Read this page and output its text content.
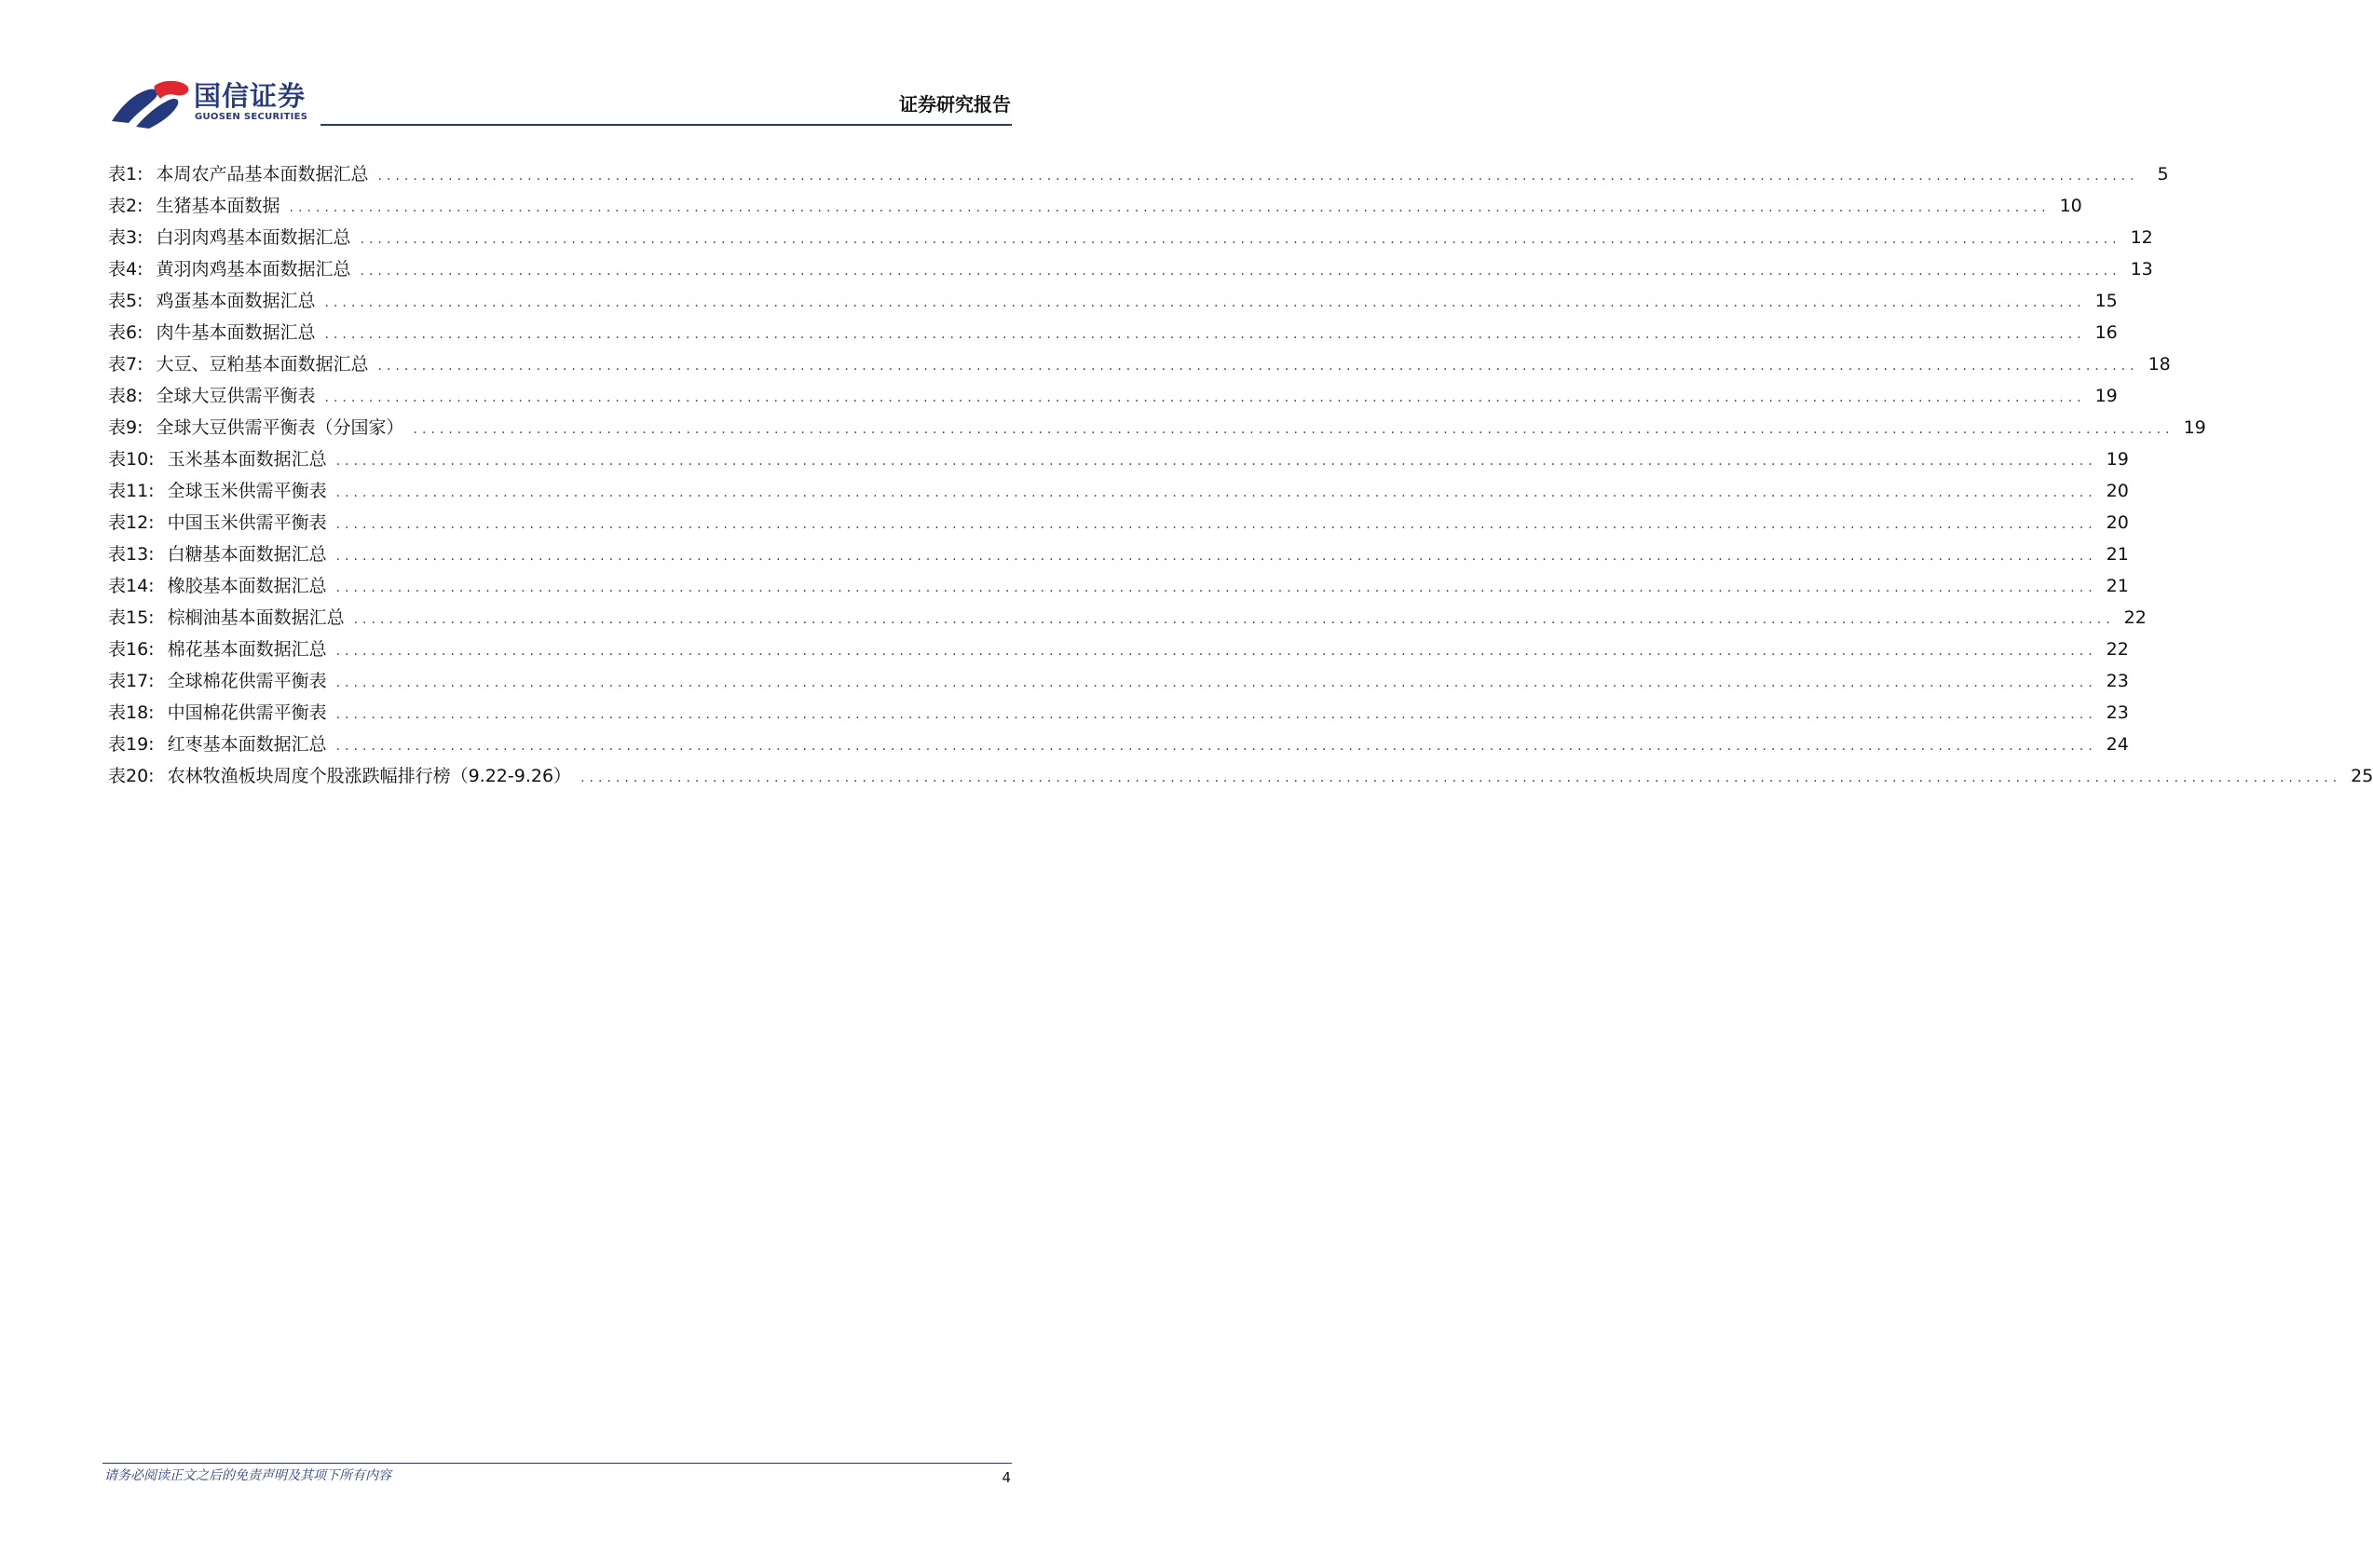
国信证券
GUOSEN SECURITIES
证券研究报告
表1: 本周农产品基本面数据汇总 ........................................................................................................................................................................................................	5
表2: 生猪基本面数据 ........................................................................................................................................................................................................ 10
表3: 白羽肉鸡基本面数据汇总 ........................................................................................................................................................................................................ 12
表4: 黄羽肉鸡基本面数据汇总 ........................................................................................................................................................................................................ 13
表5: 鸡蛋基本面数据汇总 ........................................................................................................................................................................................................ 15
表6: 肉牛基本面数据汇总 ........................................................................................................................................................................................................ 16
表7: 大豆、豆粕基本面数据汇总 ........................................................................................................................................................................................................ 18
表8: 全球大豆供需平衡表 ........................................................................................................................................................................................................ 19
表9: 全球大豆供需平衡表（分国家） ........................................................................................................................................................................................................ 19
表10: 玉米基本面数据汇总 ........................................................................................................................................................................................................ 19
表11: 全球玉米供需平衡表 ........................................................................................................................................................................................................ 20
表12: 中国玉米供需平衡表 ........................................................................................................................................................................................................ 20
表13: 白糖基本面数据汇总 ........................................................................................................................................................................................................ 21
表14: 橡胶基本面数据汇总 ........................................................................................................................................................................................................ 21
表15: 棕榈油基本面数据汇总 ........................................................................................................................................................................................................ 22
表16: 棉花基本面数据汇总 ........................................................................................................................................................................................................ 22
表17: 全球棉花供需平衡表 ........................................................................................................................................................................................................ 23
表18: 中国棉花供需平衡表 ........................................................................................................................................................................................................ 23
表19: 红枣基本面数据汇总 ........................................................................................................................................................................................................ 24
表20: 农林牧渔板块周度个股涨跌幅排行榜（9.22-9.26） ........................................................................................................................................................................................................ 25
请务必阅读正文之后的免责声明及其项下所有内容	4
